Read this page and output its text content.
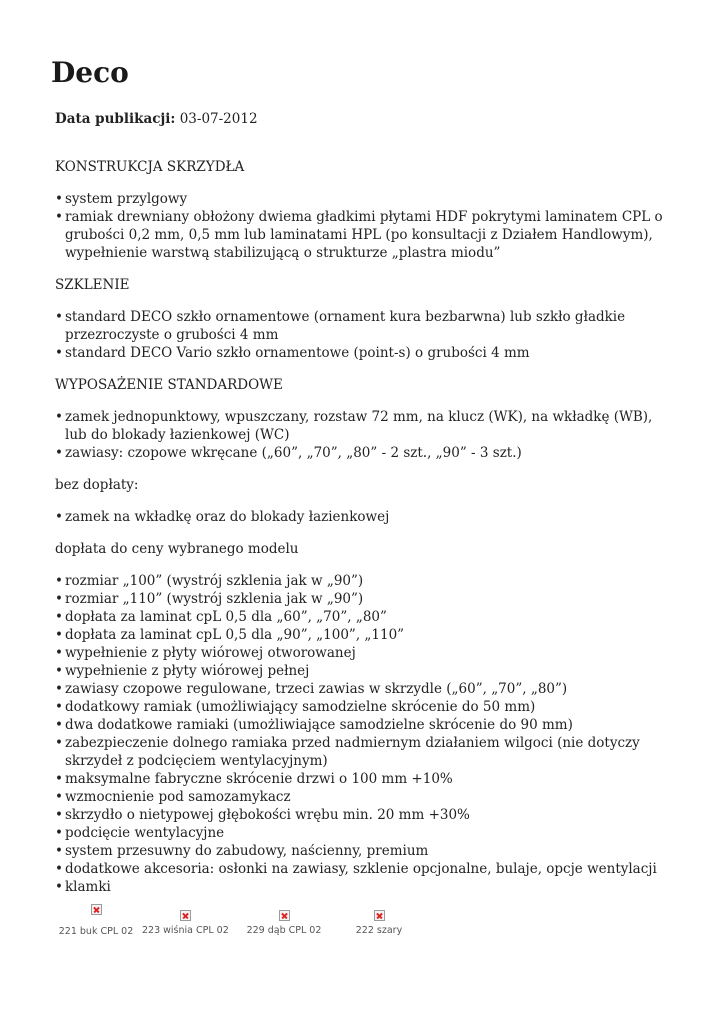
Deco

Data publikacji: 03-07-2012

KONSTRUKCJA SKRZYDŁA

• system przylgowy
• ramiak drewniany obłożony dwiema gładkimi płytami HDF pokrytymi laminatem CPL o grubości 0,2 mm, 0,5 mm lub laminatami HPL (po konsultacji z Działem Handlowym), wypełnienie warstwą stabilizującą o strukturze „plastra miodu”

SZKLENIE

• standard DECO szkło ornamentowe (ornament kura bezbarwna) lub szkło gładkie przezroczyste o grubości 4 mm
• standard DECO Vario szkło ornamentowe (point-s) o grubości 4 mm

WYPOSAŻENIE STANDARDOWE

• zamek jednopunktowy, wpuszczany, rozstaw 72 mm, na klucz (WK), na wkładkę (WB), lub do blokady łazienkowej (WC)
• zawiasy: czopowe wkręcane („60”, „70”, „80” - 2 szt., „90” - 3 szt.)

bez dopłaty:

• zamek na wkładkę oraz do blokady łazienkowej

dopłata do ceny wybranego modelu

• rozmiar „100” (wystrój szklenia jak w „90”)
• rozmiar „110” (wystrój szklenia jak w „90”)
• dopłata za laminat cpL 0,5 dla „60”, „70”, „80”
• dopłata za laminat cpL 0,5 dla „90”, „100”, „110”
• wypełnienie z płyty wiórowej otworowanej
• wypełnienie z płyty wiórowej pełnej
• zawiasy czopowe regulowane, trzeci zawias w skrzydle („60”, „70”, „80”)
• dodatkowy ramiak (umożliwiający samodzielne skrócenie do 50 mm)
• dwa dodatkowe ramiaki (umożliwiające samodzielne skrócenie do 90 mm)
• zabezpieczenie dolnego ramiaka przed nadmiernym działaniem wilgoci (nie dotyczy skrzydeł z podcięciem wentylacyjnym)
• maksymalne fabryczne skrócenie drzwi o 100 mm +10%
• wzmocnienie pod samozamykacz
• skrzydło o nietypowej głębokości wrębu min. 20 mm +30%
• podcięcie wentylacyjne
• system przesuwny do zabudowy, naścienny, premium
• dodatkowe akcesoria: osłonki na zawiasy, szklenie opcjonalne, bulaje, opcje wentylacji
• klamki
221 buk CPL 02 223 wiśnia CPL 02 229 dąb CPL 02	222 szary
